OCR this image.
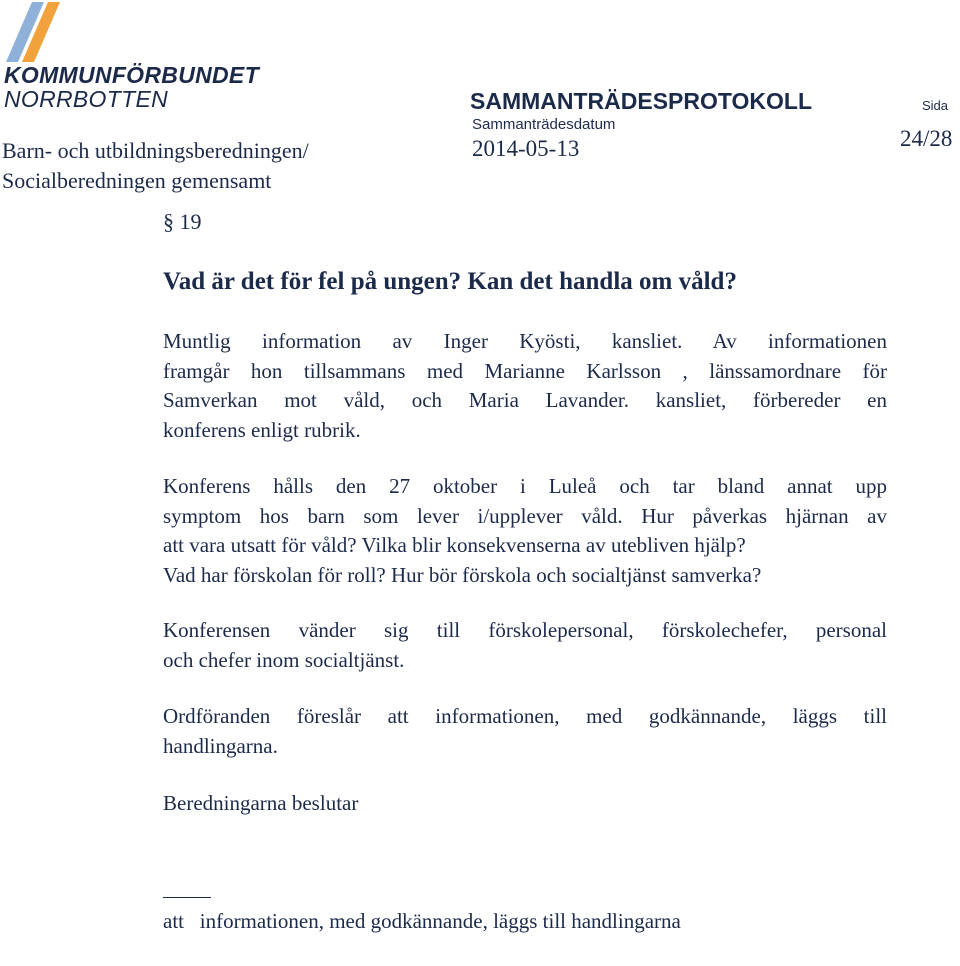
KOMMUNFÖRBUNDET
NORRBOTTEN	SAMMANTRÄDESPROTOKOLL	Sida
Sammanträdesdatum
2014-05-13	24/28
Barn- och utbildningsberedningen/
Socialberedningen gemensamt
§ 19
Vad är det för fel på ungen? Kan det handla om våld?
Muntlig information av Inger Kyösti, kansliet. Av informationen
framgår hon tillsammans med Marianne Karlsson , länssamordnare för
Samverkan mot våld, och Maria Lavander. kansliet, förbereder en
konferens enligt rubrik.
Konferens hålls den 27 oktober i Luleå och tar bland annat upp
symptom hos barn som lever i/upplever våld. Hur påverkas hjärnan av
att vara utsatt för våld? Vilka blir konsekvenserna av utebliven hjälp?
Vad har förskolan för roll? Hur bör förskola och socialtjänst samverka?
Konferensen vänder sig till förskolepersonal, förskolechefer, personal
och chefer inom socialtjänst.
Ordföranden föreslår att informationen, med godkännande, läggs till
handlingarna.
Beredningarna beslutar

att   informationen, med godkännande, läggs till handlingarna
